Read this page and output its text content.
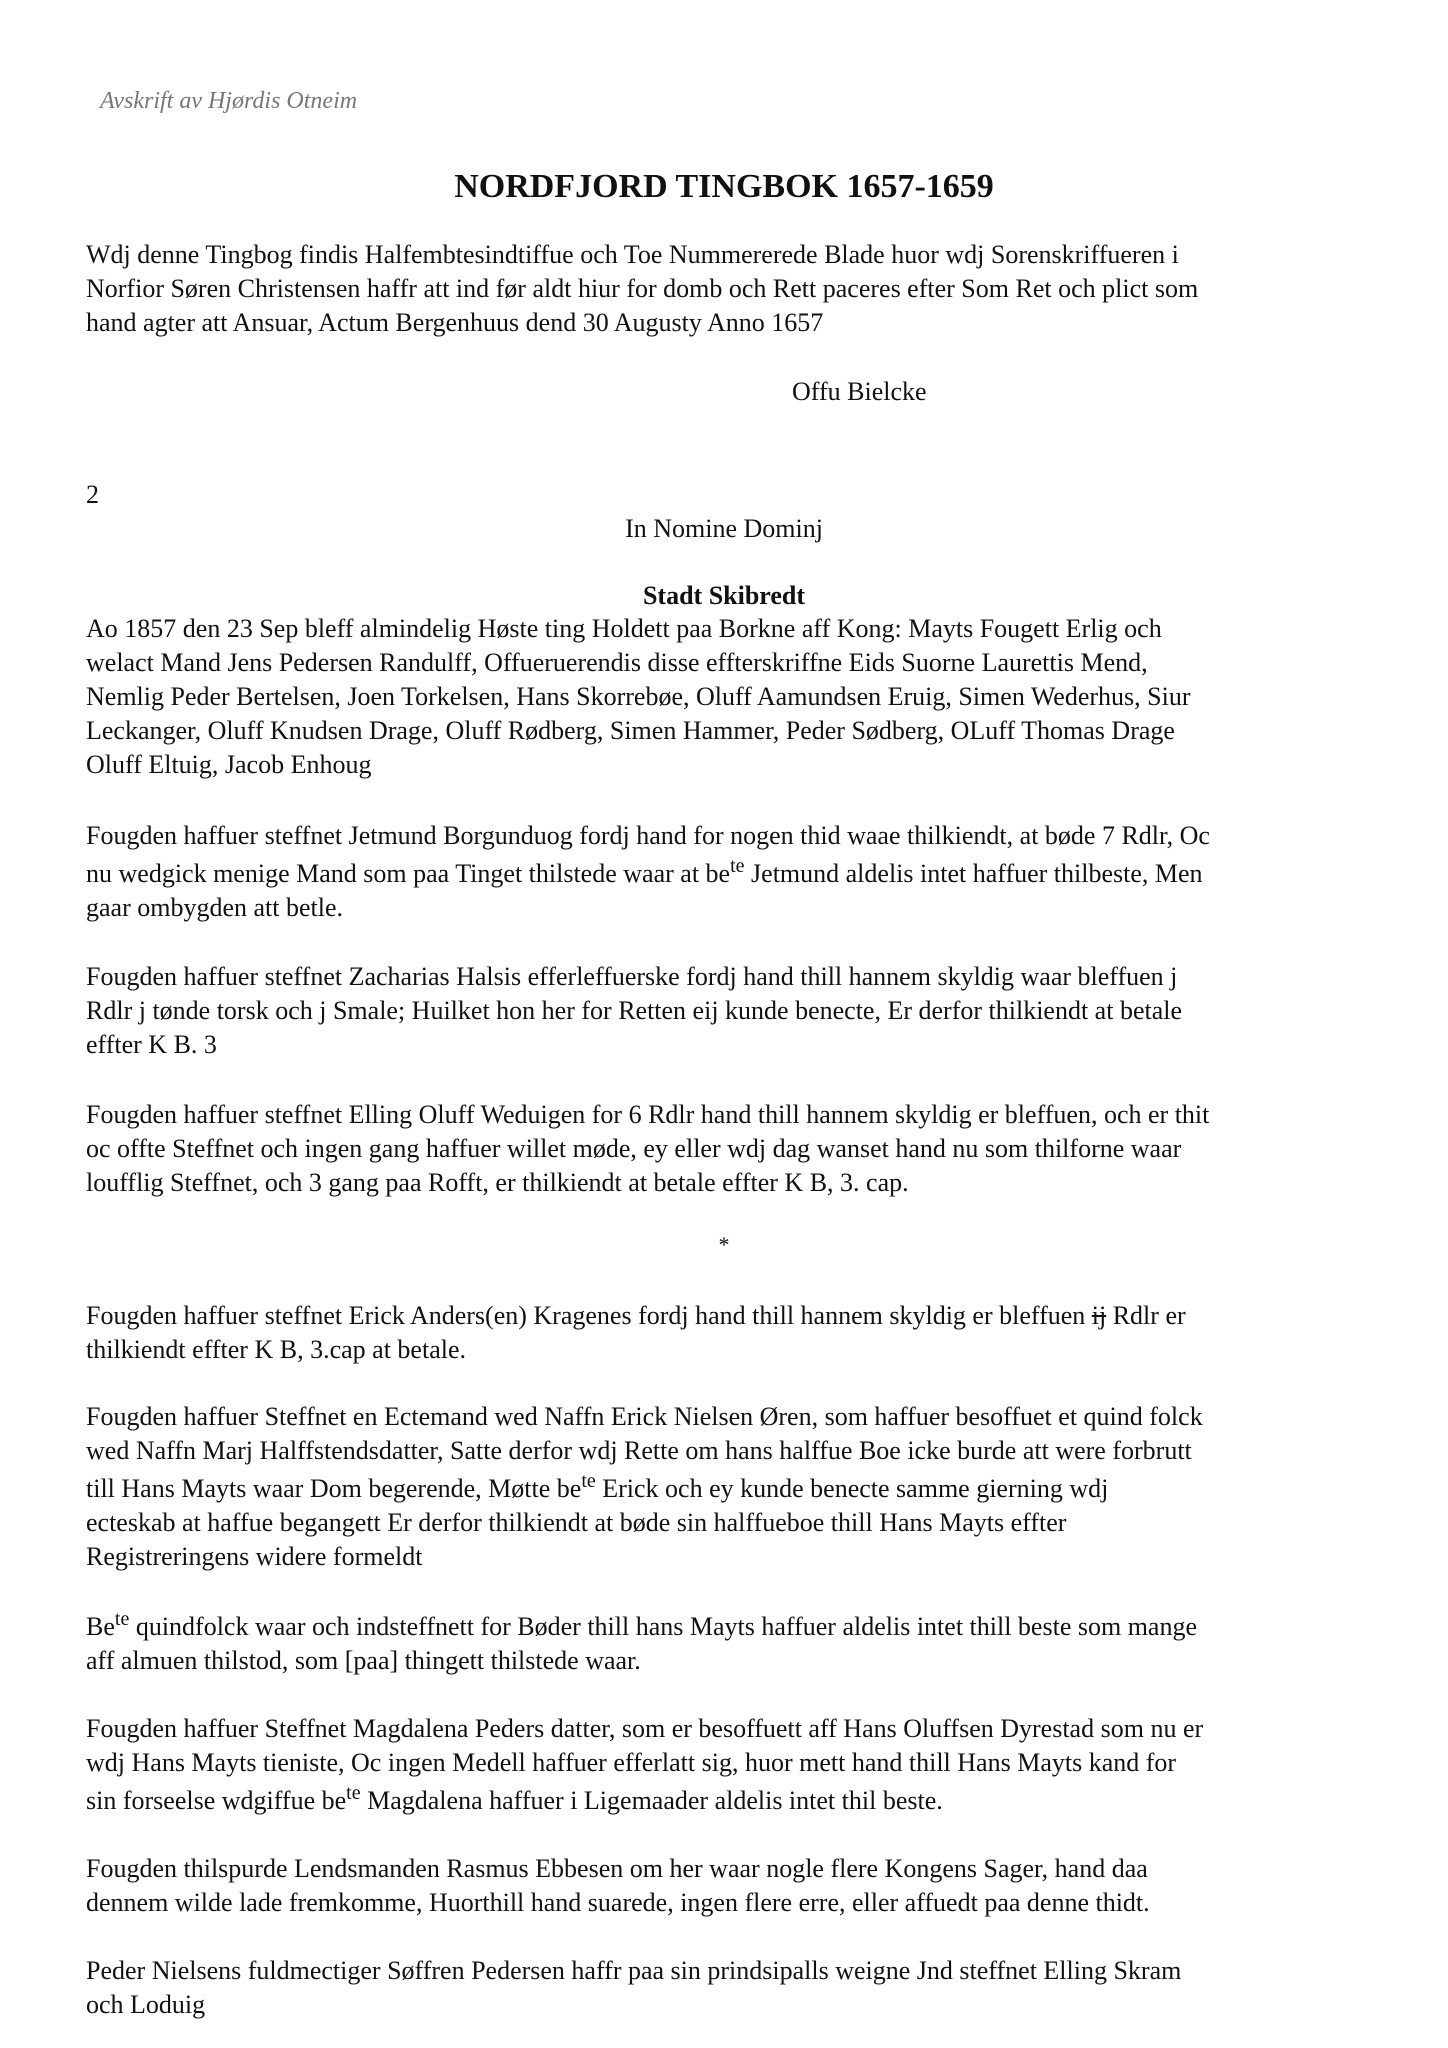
Avskrift av Hjørdis Otneim
NORDFJORD TINGBOK 1657-1659
Wdj denne Tingbog findis Halfembtesindtiffue och Toe Nummererede Blade huor wdj Sorenskriffueren i
Norfior Søren Christensen haffr att ind før aldt hiur for domb och Rett paceres efter Som Ret och plict som
hand agter att Ansuar, Actum Bergenhuus dend 30 Augusty Anno 1657
Offu Bielcke
2
In Nomine Dominj
Stadt Skibredt
Ao 1857 den 23 Sep bleff almindelig Høste ting Holdett paa Borkne aff Kong: Mayts Fougett Erlig och
welact Mand Jens Pedersen Randulff, Offueruerendis disse effterskriffne Eids Suorne Laurettis Mend,
Nemlig Peder Bertelsen, Joen Torkelsen, Hans Skorrebøe, Oluff Aamundsen Eruig, Simen Wederhus, Siur
Leckanger, Oluff Knudsen Drage, Oluff Rødberg, Simen Hammer, Peder Sødberg, OLuff Thomas Drage
Oluff Eltuig, Jacob Enhoug
Fougden haffuer steffnet Jetmund Borgunduog fordj hand for nogen thid waae thilkiendt, at bøde 7 Rdlr, Oc
nu wedgick menige Mand som paa Tinget thilstede waar at $be^{te}$ Jetmund aldelis intet haffuer thilbeste, Men
gaar ombygden att betle.
Fougden haffuer steffnet Zacharias Halsis efferleffuerske fordj hand thill hannem skyldig waar bleffuen j
Rdlr j tønde torsk och j Smale; Huilket hon her for Retten eij kunde benecte, Er derfor thilkiendt at betale
effter K B. 3
Fougden haffuer steffnet Elling Oluff Weduigen for 6 Rdlr hand thill hannem skyldig er bleffuen, och er thit
oc offte Steffnet och ingen gang haffuer willet møde, ey eller wdj dag wanset hand nu som thilforne waar
loufflig Steffnet, och 3 gang paa Rofft, er thilkiendt at betale effter K B, 3. cap.
*
Fougden haffuer steffnet Erick Anders(en) Kragenes fordj hand thill hannem skyldig er bleffuen ij Rdlr er
thilkiendt effter K B, 3.cap at betale.
Fougden haffuer Steffnet en Ectemand wed Naffn Erick Nielsen Øren, som haffuer besoffuet et quind folck
wed Naffn Marj Halffstendsdatter, Satte derfor wdj Rette om hans halffue Boe icke burde att were forbrutt
till Hans Mayts waar Dom begerende, Møtte $be^{te}$ Erick och ey kunde benecte samme gierning wdj
ecteskab at haffue begangett Er derfor thilkiendt at bøde sin halffueboe thill Hans Mayts effter
Registreringens widere formeldt
$Be^{te}$ quindfolck waar och indsteffnett for Bøder thill hans Mayts haffuer aldelis intet thill beste som mange
aff almuen thilstod, som [paa] thingett thilstede waar.
Fougden haffuer Steffnet Magdalena Peders datter, som er besoffuett aff Hans Oluffsen Dyrestad som nu er
wdj Hans Mayts tieniste, Oc ingen Medell haffuer efferlatt sig, huor mett hand thill Hans Mayts kand for
sin forseelse wdgiffue $be^{te}$ Magdalena haffuer i Ligemaader aldelis intet thil beste.
Fougden thilspurde Lendsmanden Rasmus Ebbesen om her waar nogle flere Kongens Sager, hand daa
dennem wilde lade fremkomme, Huorthill hand suarede, ingen flere erre, eller affuedt paa denne thidt.
Peder Nielsens fuldmectiger Søffren Pedersen haffr paa sin prindsipalls weigne Jnd steffnet Elling Skram
och Loduig
